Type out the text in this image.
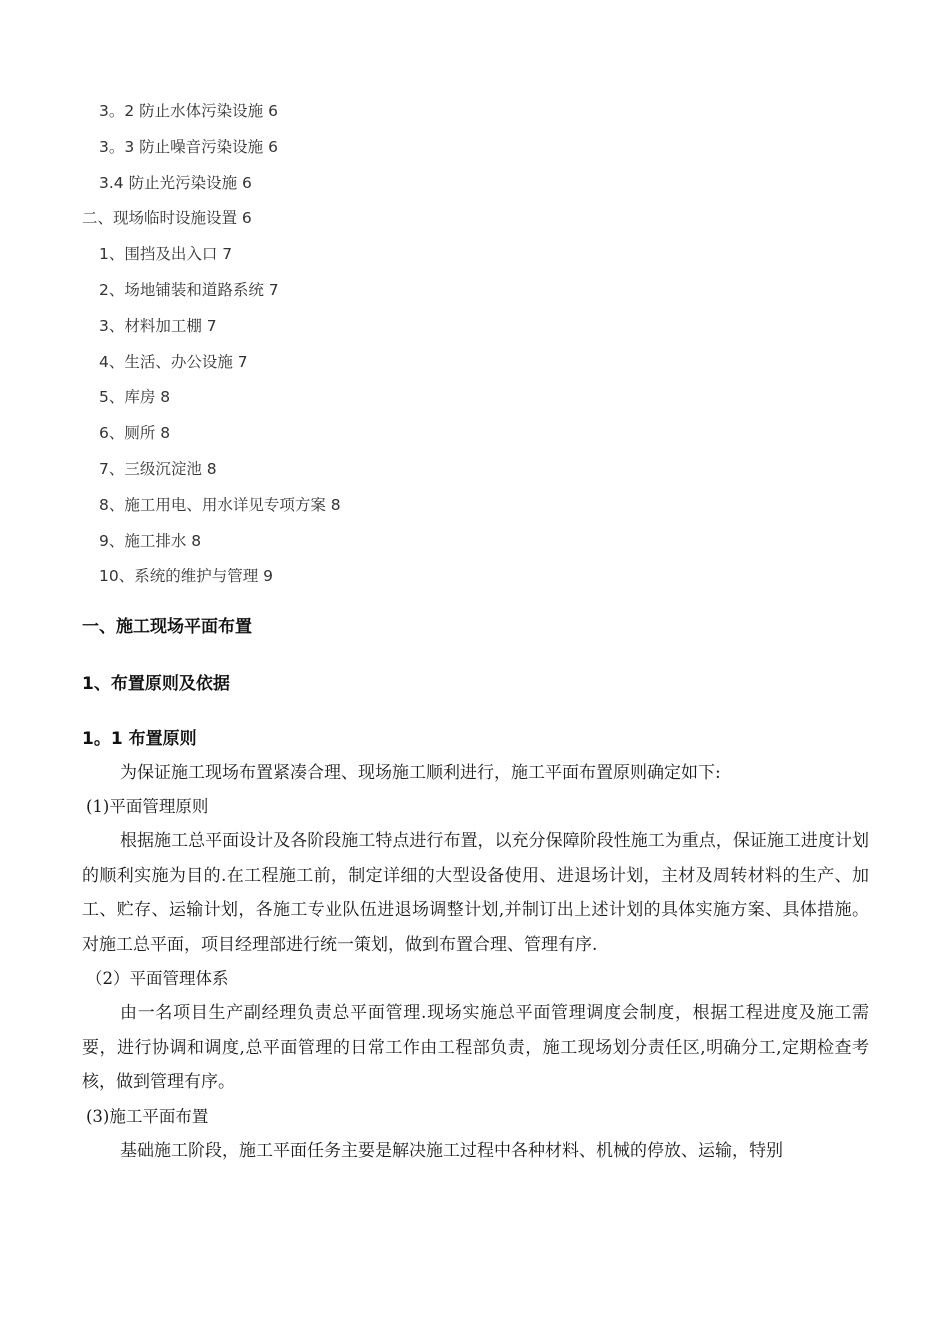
3。2 防止水体污染设施 6
3。3 防止噪音污染设施 6
3.4 防止光污染设施 6
二、现场临时设施设置 6
1、围挡及出入口 7
2、场地铺装和道路系统 7
3、材料加工棚 7
4、生活、办公设施 7
5、库房 8
6、厕所 8
7、三级沉淀池 8
8、施工用电、用水详见专项方案 8
9、施工排水 8
10、系统的维护与管理 9
一、施工现场平面布置
1、布置原则及依据
1。1 布置原则
为保证施工现场布置紧凑合理、现场施工顺利进行，施工平面布置原则确定如下:
(1)平面管理原则

根据施工总平面设计及各阶段施工特点进行布置，以充分保障阶段性施工为重点，保证施工进度计划的顺利实施为目的.在工程施工前，制定详细的大型设备使用、进退场计划，主材及周转材料的生产、加工、贮存、运输计划，各施工专业队伍进退场调整计划,并制订出上述计划的具体实施方案、具体措施。对施工总平面，项目经理部进行统一策划，做到布置合理、管理有序.

（2）平面管理体系

由一名项目生产副经理负责总平面管理.现场实施总平面管理调度会制度，根据工程进度及施工需要，进行协调和调度,总平面管理的日常工作由工程部负责，施工现场划分责任区,明确分工,定期检查考核，做到管理有序。

(3)施工平面布置

基础施工阶段，施工平面任务主要是解决施工过程中各种材料、机械的停放、运输，特别
